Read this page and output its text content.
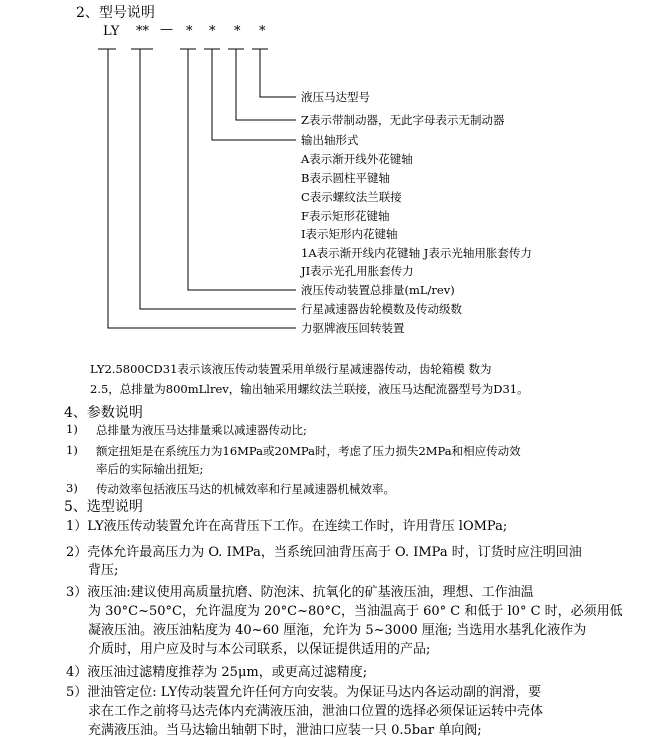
2、型号说明
LY ** — * * * *
液压马达型号
Z表示带制动器，无此字母表示无制动器
输出轴形式
A表示渐开线外花键轴
B表示圆柱平键轴
C表示螺纹法兰联接
F表示矩形花键轴
I表示矩形内花键轴
1A表示渐开线内花键轴 J表示光轴用胀套传力
JI表示光孔用胀套传力
液压传动装置总排量(mL/rev)
行星减速器齿轮模数及传动级数
力驱牌液压回转装置
LY2.5800CD31表示该液压传动装置采用单级行星减速器传动，齿轮箱模 数为
2.5，总排量为800mLlrev，输出轴采用螺纹法兰联接，液压马达配流器型号为D31。
4、参数说明
1) 总排量为液压马达排量乘以减速器传动比;
1) 额定扭矩是在系统压力为16MPa或20MPa时，考虑了压力损失2MPa和相应传动效
率后的实际输出扭矩;
3) 传动效率包括液压马达的机械效率和行星减速器机械效率。
5、选型说明
1）LY液压传动装置允许在高背压下工作。在连续工作时，许用背压 lOMPa;
2）壳体允许最高压力为 O. IMPa，当系统回油背压高于 O. IMPa 时，订货时应注明回油
背压;
3）液压油:建议使用高质量抗磨、防泡沫、抗氧化的矿基液压油，理想、工作油温
为 30°C~50°C，允许温度为 20°C~80°C，当油温高于 60° C 和低于 l0° C 时，必须用低
凝液压油。液压油粘度为 40~60 厘沲，允许为 5~3000 厘沲; 当选用水基乳化液作为
介质时，用户应及时与本公司联系，以保证提供适用的产品;
4）液压油过滤精度推荐为 25μm，或更高过滤精度;
5）泄油管定位: LY传动装置允许任何方向安装。为保证马达内各运动副的润滑，要
求在工作之前将马达壳体内充满液压油，泄油口位置的选择必须保证运转中壳体
充满液压油。当马达输出轴朝下时，泄油口应装一只 0.5bar 单向阀;
